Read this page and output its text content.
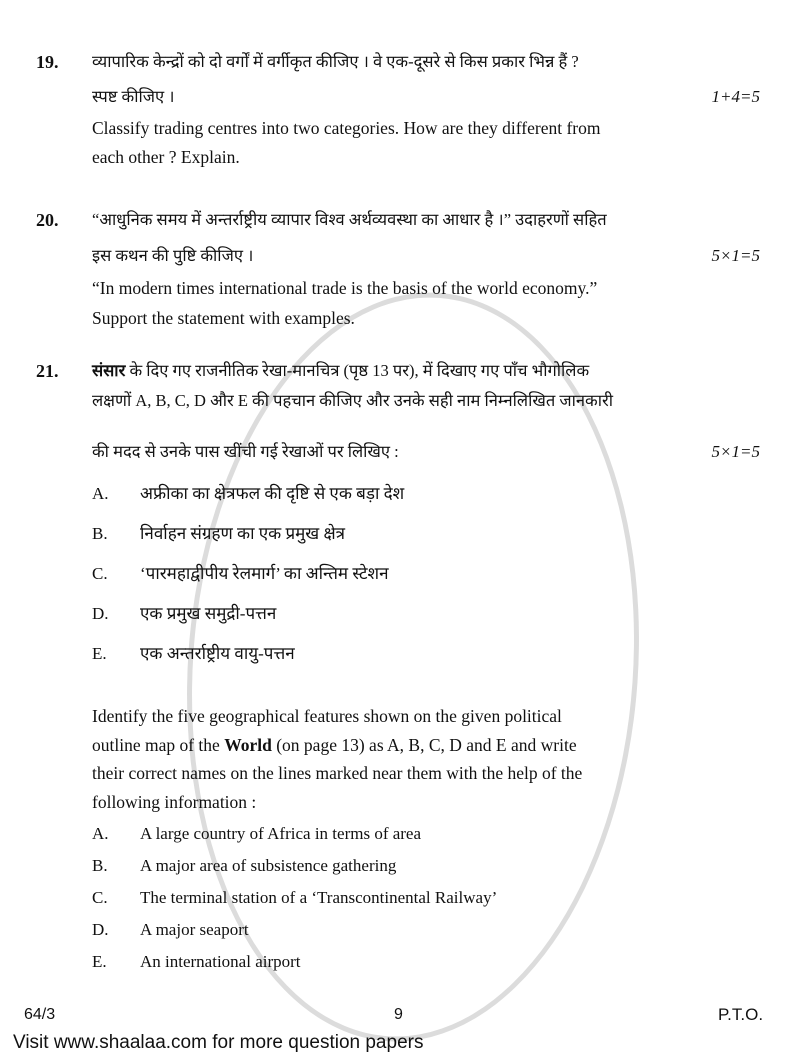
19. व्यापारिक केन्द्रों को दो वर्गों में वर्गीकृत कीजिए । वे एक-दूसरे से किस प्रकार भिन्न हैं ?
स्पष्ट कीजिए ।	1+4=5
Classify trading centres into two categories. How are they different from
each other ? Explain.
20. “आधुनिक समय में अन्तर्राष्ट्रीय व्यापार विश्व अर्थव्यवस्था का आधार है ।” उदाहरणों सहित
इस कथन की पुष्टि कीजिए ।	5×1=5
“In modern times international trade is the basis of the world economy.”
Support the statement with examples.
21. संसार के दिए गए राजनीतिक रेखा-मानचित्र (पृष्ठ 13 पर), में दिखाए गए पाँच भौगोलिक
लक्षणों A, B, C, D और E की पहचान कीजिए और उनके सही नाम निम्नलिखित जानकारी
की मदद से उनके पास खींची गई रेखाओं पर लिखिए :	5×1=5
A. अफ्रीका का क्षेत्रफल की दृष्टि से एक बड़ा देश
B. निर्वाहन संग्रहण का एक प्रमुख क्षेत्र
C. ‘पारमहाद्वीपीय रेलमार्ग’ का अन्तिम स्टेशन
D. एक प्रमुख समुद्री-पत्तन
E. एक अन्तर्राष्ट्रीय वायु-पत्तन
Identify the five geographical features shown on the given political
outline map of the World (on page 13) as A, B, C, D and E and write
their correct names on the lines marked near them with the help of the
following information :
A. A large country of Africa in terms of area
B. A major area of subsistence gathering
C. The terminal station of a ‘Transcontinental Railway’
D. A major seaport
E. An international airport
64/3	9	P.T.O.
Visit www.shaalaa.com for more question papers
